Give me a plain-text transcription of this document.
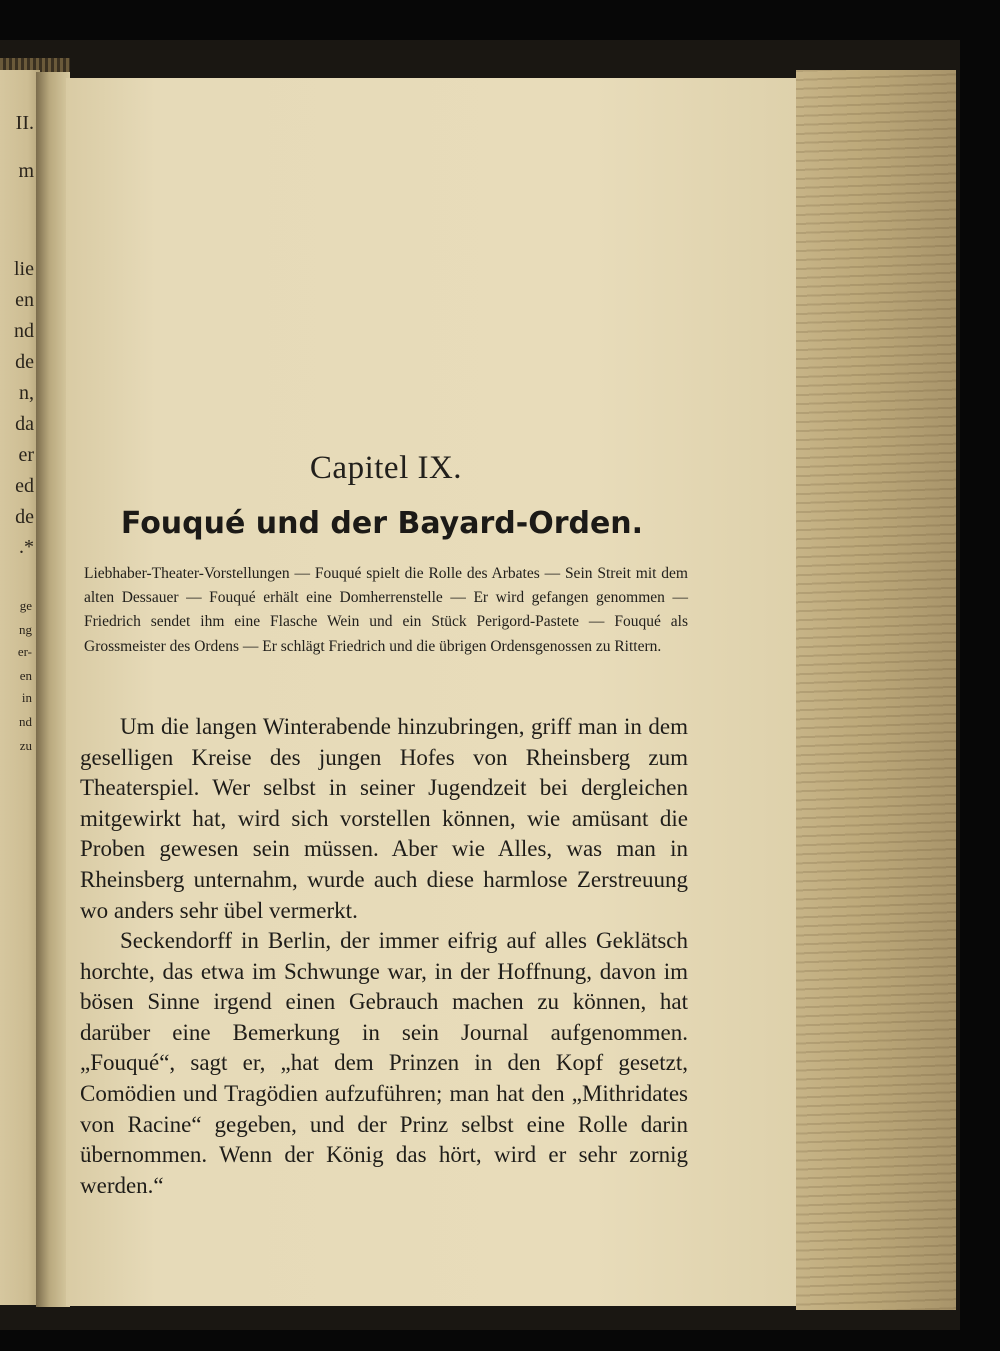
II.

m

lie

en

nd

de

n,

da

er

ed

de

.*

ge

ng

er-

en

in

nd

zu

Capitel IX.
Fouqué und der Bayard-Orden.

Liebhaber-Theater-Vorstellungen — Fouqué spielt die Rolle des Arbates — Sein Streit mit dem alten Dessauer — Fouqué erhält eine Domherrenstelle — Er wird gefangen genommen — Friedrich sendet ihm eine Flasche Wein und ein Stück Perigord-Pastete — Fouqué als Grossmeister des Ordens — Er schlägt Friedrich und die übrigen Ordensgenossen zu Rittern.

Um die langen Winterabende hinzubringen, griff man in dem geselligen Kreise des jungen Hofes von Rheinsberg zum Theaterspiel. Wer selbst in seiner Jugendzeit bei dergleichen mitgewirkt hat, wird sich vorstellen können, wie amüsant die Proben gewesen sein müssen. Aber wie Alles, was man in Rheinsberg unternahm, wurde auch diese harmlose Zerstreuung wo anders sehr übel vermerkt.

Seckendorff in Berlin, der immer eifrig auf alles Geklätsch horchte, das etwa im Schwunge war, in der Hoffnung, davon im bösen Sinne irgend einen Gebrauch machen zu können, hat darüber eine Bemerkung in sein Journal aufgenommen. „Fouqué“, sagt er, „hat dem Prinzen in den Kopf gesetzt, Comödien und Tragödien aufzuführen; man hat den „Mithridates von Racine“ gegeben, und der Prinz selbst eine Rolle darin übernommen. Wenn der König das hört, wird er sehr zornig werden.“
